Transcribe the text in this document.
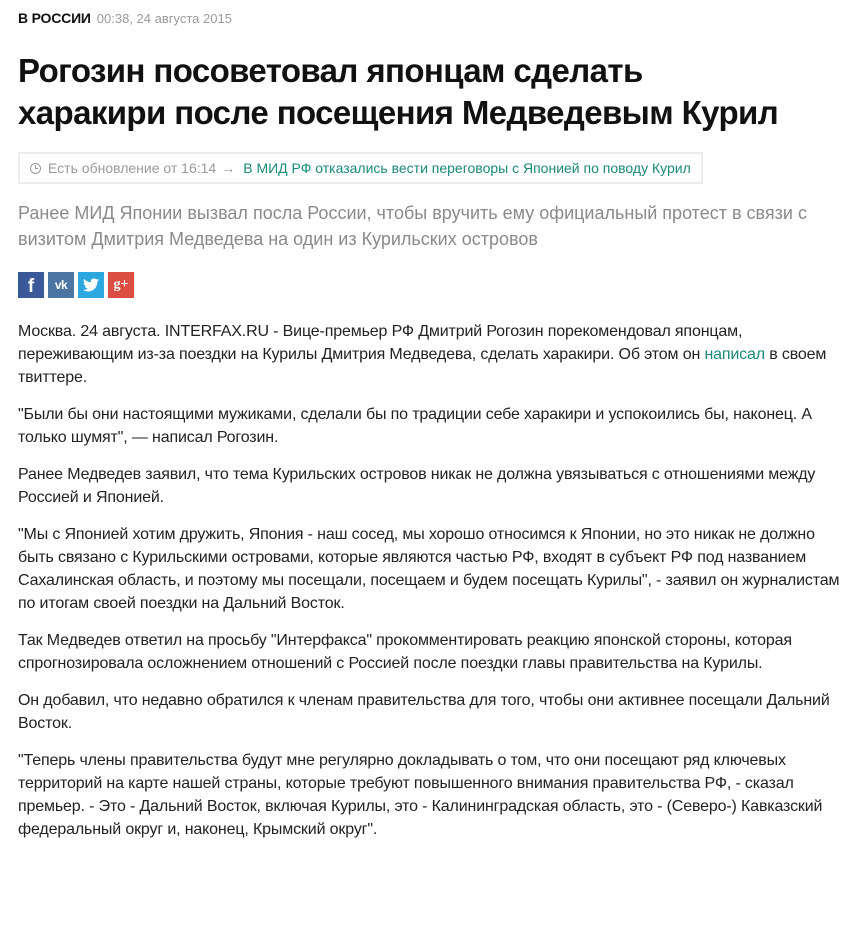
В РОССИИ 00:38, 24 августа 2015
Рогозин посоветовал японцам сделать харакири после посещения Медведевым Курил
Есть обновление от 16:14 → В МИД РФ отказались вести переговоры с Японией по поводу Курил

Ранее МИД Японии вызвал посла России, чтобы вручить ему официальный протест в связи с визитом Дмитрия Медведева на один из Курильских островов

f vk	g+

Москва. 24 августа. INTERFAX.RU - Вице-премьер РФ Дмитрий Рогозин порекомендовал японцам, переживающим из-за поездки на Курилы Дмитрия Медведева, сделать харакири. Об этом он написал в своем твиттере.

"Были бы они настоящими мужиками, сделали бы по традиции себе харакири и успокоились бы, наконец. А только шумят", — написал Рогозин.

Ранее Медведев заявил, что тема Курильских островов никак не должна увязываться с отношениями между Россией и Японией.

"Мы с Японией хотим дружить, Япония - наш сосед, мы хорошо относимся к Японии, но это никак не должно быть связано с Курильскими островами, которые являются частью РФ, входят в субъект РФ под названием Сахалинская область, и поэтому мы посещали, посещаем и будем посещать Курилы", - заявил он журналистам по итогам своей поездки на Дальний Восток.

Так Медведев ответил на просьбу "Интерфакса" прокомментировать реакцию японской стороны, которая спрогнозировала осложнением отношений с Россией после поездки главы правительства на Курилы.

Он добавил, что недавно обратился к членам правительства для того, чтобы они активнее посещали Дальний Восток.

"Теперь члены правительства будут мне регулярно докладывать о том, что они посещают ряд ключевых территорий на карте нашей страны, которые требуют повышенного внимания правительства РФ, - сказал премьер. - Это - Дальний Восток, включая Курилы, это - Калининградская область, это - (Северо-) Кавказский федеральный округ и, наконец, Крымский округ".
